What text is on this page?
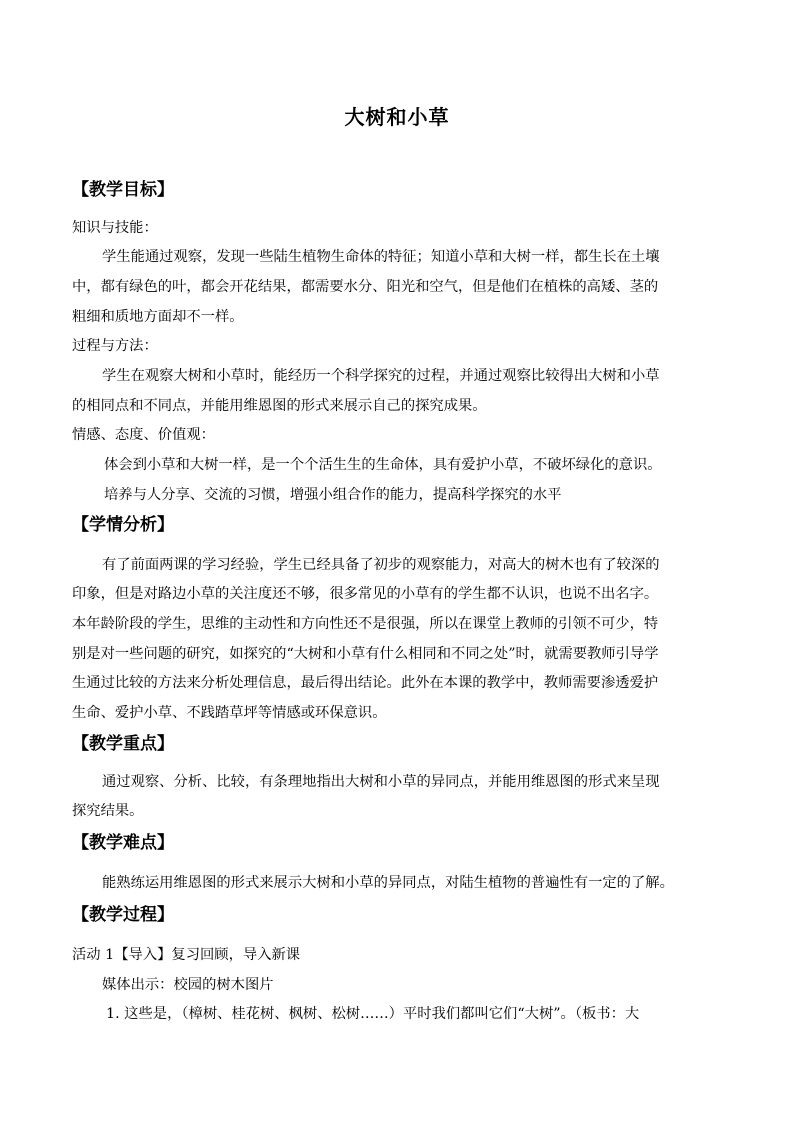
大树和小草
【教学目标】
知识与技能：
学生能通过观察，发现一些陆生植物生命体的特征；知道小草和大树一样，都生长在土壤
中，都有绿色的叶，都会开花结果，都需要水分、阳光和空气，但是他们在植株的高矮、茎的
粗细和质地方面却不一样。
过程与方法：
学生在观察大树和小草时，能经历一个科学探究的过程，并通过观察比较得出大树和小草
的相同点和不同点，并能用维恩图的形式来展示自己的探究成果。
情感、态度、价值观：
体会到小草和大树一样，是一个个活生生的生命体，具有爱护小草，不破坏绿化的意识。
培养与人分享、交流的习惯，增强小组合作的能力，提高科学探究的水平
【学情分析】
有了前面两课的学习经验，学生已经具备了初步的观察能力，对高大的树木也有了较深的
印象，但是对路边小草的关注度还不够，很多常见的小草有的学生都不认识，也说不出名字。
本年龄阶段的学生，思维的主动性和方向性还不是很强，所以在课堂上教师的引领不可少，特
别是对一些问题的研究，如探究的“大树和小草有什么相同和不同之处”时，就需要教师引导学
生通过比较的方法来分析处理信息，最后得出结论。此外在本课的教学中，教师需要渗透爱护
生命、爱护小草、不践踏草坪等情感或环保意识。
【教学重点】
通过观察、分析、比较，有条理地指出大树和小草的异同点，并能用维恩图的形式来呈现
探究结果。
【教学难点】
能熟练运用维恩图的形式来展示大树和小草的异同点，对陆生植物的普遍性有一定的了解。
【教学过程】
活动 1【导入】复习回顾，导入新课
媒体出示：校园的树木图片
1. 这些是，（樟树、桂花树、枫树、松树……）平时我们都叫它们“大树”。（板书：大
